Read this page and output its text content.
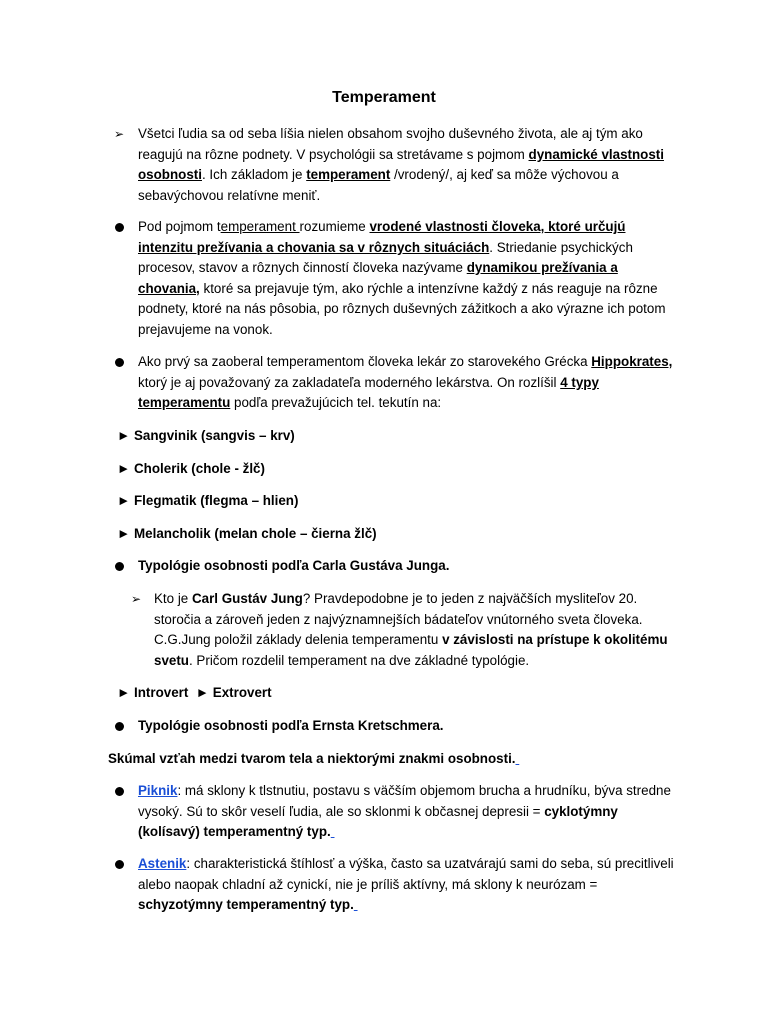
Temperament
➢ Všetci ľudia sa od seba líšia nielen obsahom svojho duševného života, ale aj tým ako reagujú na rôzne podnety. V psychológii sa stretávame s pojmom dynamické vlastnosti osobnosti. Ich základom je temperament /vrodený/, aj keď sa môže výchovou a sebavýchovou relatívne meniť.
Pod pojmom temperament rozumieme vrodené vlastnosti človeka, ktoré určujú intenzitu prežívania a chovania sa v rôznych situáciách. Striedanie psychických procesov, stavov a rôznych činností človeka nazývame dynamikou prežívania a chovania, ktoré sa prejavuje tým, ako rýchle a intenzívne každý z nás reaguje na rôzne podnety, ktoré na nás pôsobia, po rôznych duševných zážitkoch a ako výrazne ich potom prejavujeme na vonok.
Ako prvý sa zaoberal temperamentom človeka lekár zo starovekého Grécka Hippokrates, ktorý je aj považovaný za zakladateľa moderného lekárstva. On rozlíšil 4 typy temperamentu podľa prevažujúcich tel. tekutín na:
► Sangvinik (sangvis – krv)
► Cholerik (chole - žlč)
► Flegmatik (flegma – hlien)
► Melancholik (melan chole – čierna žlč)
Typológie osobnosti podľa Carla Gustáva Junga.
➢ Kto je Carl Gustáv Jung? Pravdepodobne je to jeden z najväčších mysliteľov 20. storočia a zároveň jeden z najvýznamnejších bádateľov vnútorného sveta človeka. C.G.Jung položil základy delenia temperamentu v závislosti na prístupe k okolitému svetu. Pričom rozdelil temperament na dve základné typológie.
► Introvert ► Extrovert
Typológie osobnosti podľa Ernsta Kretschmera.
Skúmal vzťah medzi tvarom tela a niektorými znakmi osobnosti.
Piknik: má sklony k tlstnutiu, postavu s väčším objemom brucha a hrudníku, býva stredne vysoký. Sú to skôr veselí ľudia, ale so sklonmi k občasnej depresii = cyklotýmny (kolísavý) temperamentný typ.
Astenik: charakteristická štíhlosť a výška, často sa uzatvárajú sami do seba, sú precitliveli alebo naopak chladní až cynickí, nie je príliš aktívny, má sklony k neurózam = schyzotýmny temperamentný typ.
